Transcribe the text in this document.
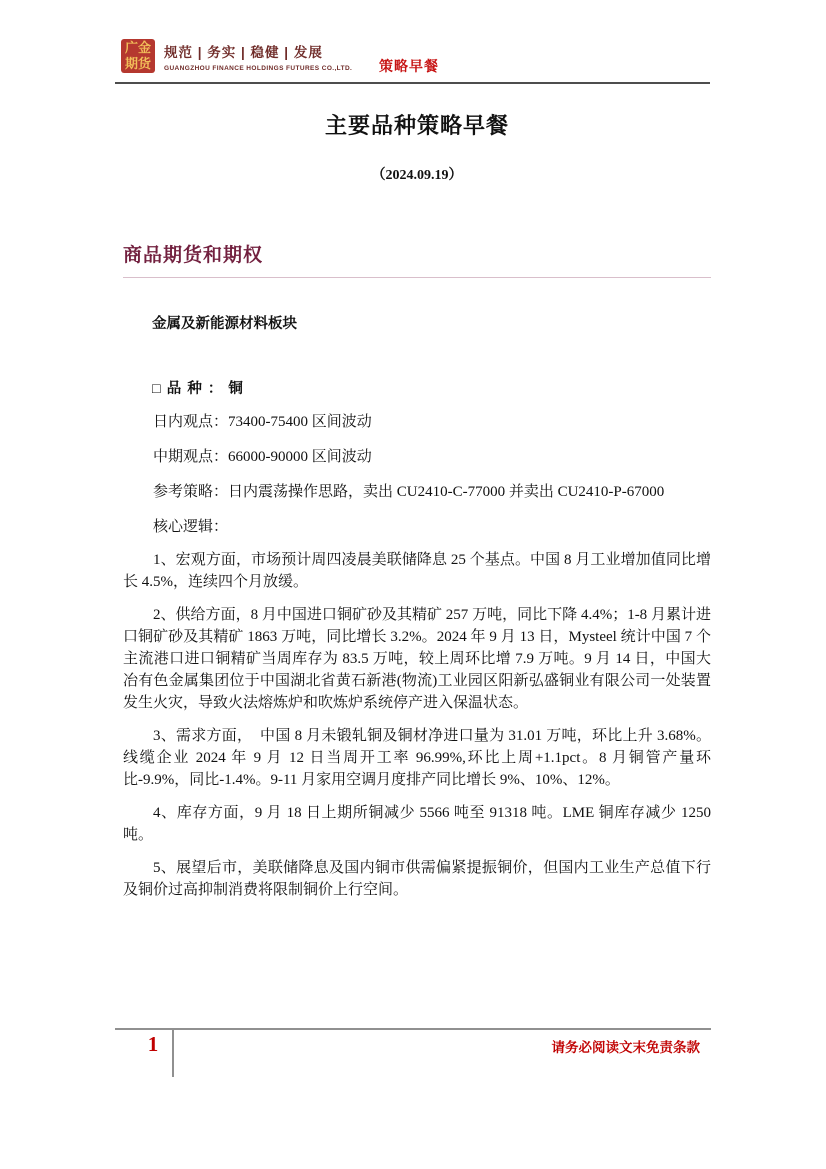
广金
期货
规范 | 务实 | 稳健 | 发展
GUANGZHOU FINANCE HOLDINGS FUTURES CO.,LTD. 策略早餐
主要品种策略早餐
（2024.09.19）
商品期货和期权
金属及新能源材料板块

□ 品 种 ： 铜

日内观点：73400-75400 区间波动

中期观点：66000-90000 区间波动

参考策略：日内震荡操作思路，卖出 CU2410-C-77000 并卖出 CU2410-P-67000

核心逻辑：

1、宏观方面，市场预计周四凌晨美联储降息 25 个基点。中国 8 月工业增加值同比增长 4.5%，连续四个月放缓。

2、供给方面，8 月中国进口铜矿砂及其精矿 257 万吨，同比下降 4.4%；1-8 月累计进口铜矿砂及其精矿 1863 万吨，同比增长 3.2%。2024 年 9 月 13 日，Mysteel 统计中国 7 个主流港口进口铜精矿当周库存为 83.5 万吨，较上周环比增 7.9 万吨。9 月 14 日，中国大冶有色金属集团位于中国湖北省黄石新港(物流)工业园区阳新弘盛铜业有限公司一处装置发生火灾，导致火法熔炼炉和吹炼炉系统停产进入保温状态。

3、需求方面，　中国 8 月未锻轧铜及铜材净进口量为 31.01 万吨，环比上升 3.68%。线缆企业 2024 年 9 月 12 日当周开工率 96.99%,环比上周+1.1pct。8 月铜管产量环比-9.9%，同比-1.4%。9-11 月家用空调月度排产同比增长 9%、10%、12%。

4、库存方面，9 月 18 日上期所铜减少 5566 吨至 91318 吨。LME 铜库存减少 1250 吨。

5、展望后市，美联储降息及国内铜市供需偏紧提振铜价，但国内工业生产总值下行及铜价过高抑制消费将限制铜价上行空间。

1	请务必阅读文末免责条款
